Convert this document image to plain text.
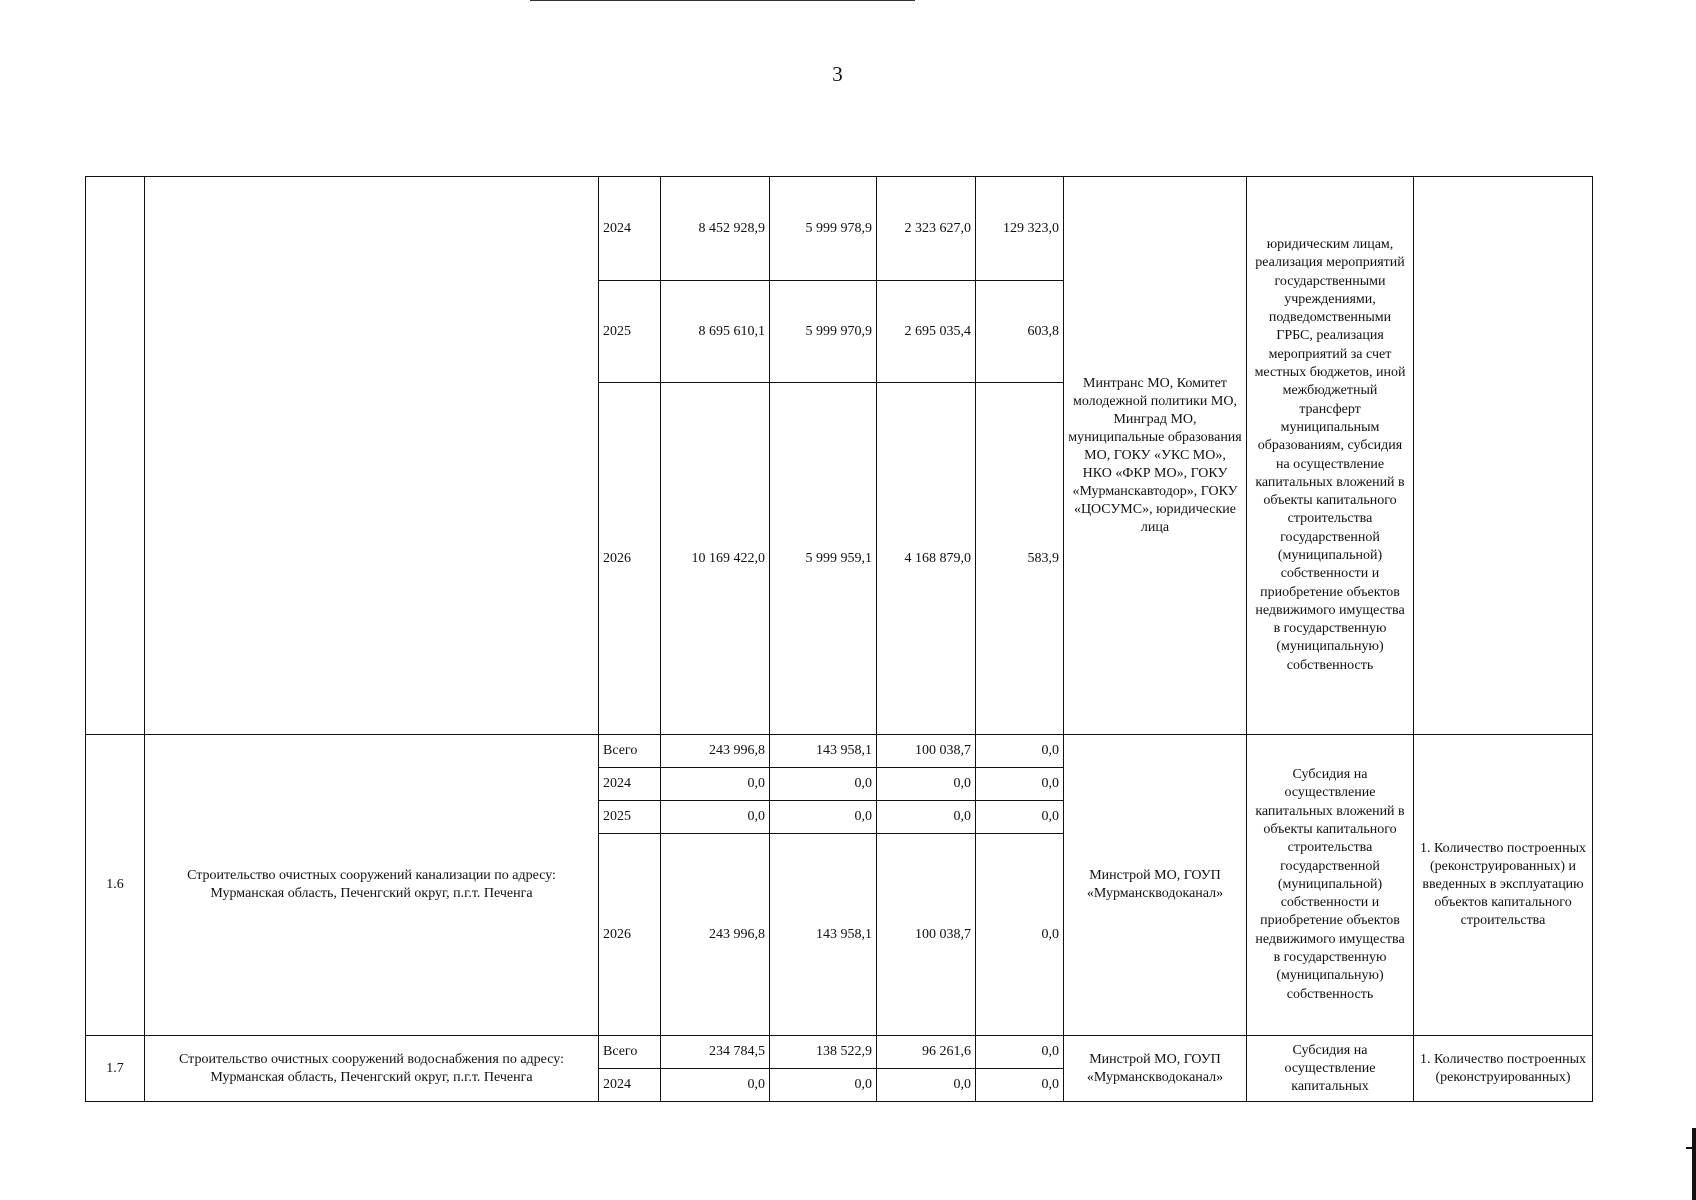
3
		2024	8 452 928,9	5 999 978,9	2 323 627,0	129 323,0	Минтранс МО, Комитет молодежной политики МО, Минград МО, муниципальные образования МО, ГОКУ «УКС МО», НКО «ФКР МО», ГОКУ «Мурманскавтодор», ГОКУ «ЦОСУМС», юридические лица	юридическим лицам, реализация мероприятий государственными учреждениями, подведомственными ГРБС, реализация мероприятий за счет местных бюджетов, иной межбюджетный трансферт муниципальным образованиям, субсидия на осуществление капитальных вложений в объекты капитального строительства государственной (муниципальной) собственности и приобретение объектов недвижимого имущества в государственную (муниципальную) собственность	
		2025	8 695 610,1	5 999 970,9	2 695 035,4	603,8			
		2026	10 169 422,0	5 999 959,1	4 168 879,0	583,9			
1.6	Строительство очистных сооружений канализации по адресу: Мурманская область, Печенгский округ, п.г.т. Печенга	Всего	243 996,8	143 958,1	100 038,7	0,0	Минстрой МО, ГОУП «Мурманскводоканал»	Субсидия на осуществление капитальных вложений в объекты капитального строительства государственной (муниципальной) собственности и приобретение объектов недвижимого имущества в государственную (муниципальную) собственность	1. Количество построенных (реконструированных) и введенных в эксплуатацию объектов капитального строительства
		2024	0,0	0,0	0,0	0,0			
		2025	0,0	0,0	0,0	0,0			
		2026	243 996,8	143 958,1	100 038,7	0,0			
1.7	Строительство очистных сооружений водоснабжения по адресу: Мурманская область, Печенгский округ, п.г.т. Печенга	Всего	234 784,5	138 522,9	96 261,6	0,0	Минстрой МО, ГОУП «Мурманскводоканал»	Субсидия на осуществление капитальных	1. Количество построенных (реконструированных)
		2024	0,0	0,0	0,0	0,0			
